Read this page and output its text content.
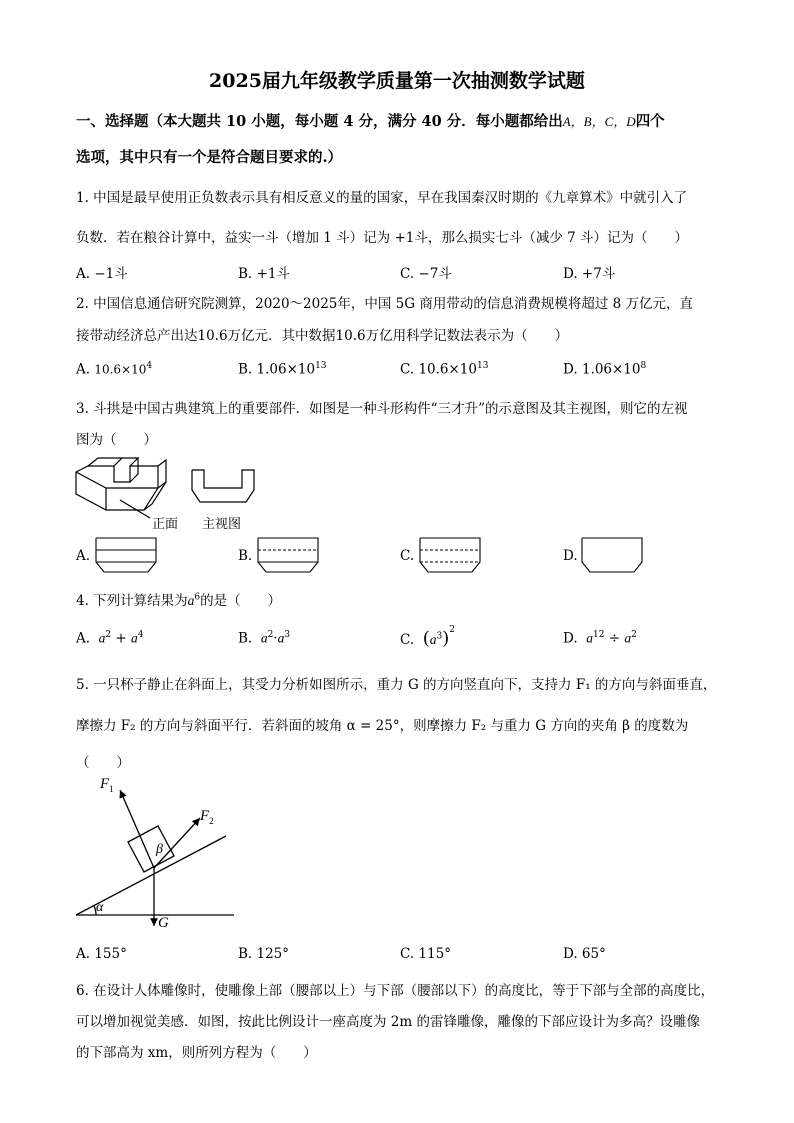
2025届九年级教学质量第一次抽测数学试题
一、选择题（本大题共 10 小题，每小题 4 分，满分 40 分．每小题都给出A，B，C，D四个
选项，其中只有一个是符合题目要求的.）
1. 中国是最早使用正负数表示具有相反意义的量的国家，早在我国秦汉时期的《九章算术》中就引入了
负数．若在粮谷计算中，益实一斗（增加 1 斗）记为 +1斗，那么损实七斗（减少 7 斗）记为（　　）
A. −1斗	B. +1斗	C. −7斗	D. +7斗
2. 中国信息通信研究院测算，2020～2025年，中国 5G 商用带动的信息消费规模将超过 8 万亿元，直
接带动经济总产出达10.6万亿元．其中数据10.6万亿用科学记数法表示为（　　）
A. $10.6\times 10^4$	B. $1.06\times 10^{13}$	C. $10.6\times 10^{13}$	D. $1.06\times 10^8$
3. 斗拱是中国古典建筑上的重要部件．如图是一种斗形构件“三才升”的示意图及其主视图，则它的左视
图为（　　）
正面 主视图
A.	B.	C.	D.
4. 下列计算结果为$a^6$的是（　　）
A. $a^2 + a^4$	B. $a^2\cdot a^3$	C. $(a^3)^2$
D. $a^{12} \div a^2$
5. 一只杯子静止在斜面上，其受力分析如图所示，重力 G 的方向竖直向下，支持力 F₁ 的方向与斜面垂直，
摩擦力 F₂ 的方向与斜面平行．若斜面的坡角 α = 25°，则摩擦力 F₂ 与重力 G 方向的夹角 β 的度数为
（　　）
$F_1$
$F_2$
β
α
G
A. 155°	B. 125°	C. 115°	D. 65°
6. 在设计人体雕像时，使雕像上部（腰部以上）与下部（腰部以下）的高度比，等于下部与全部的高度比，
可以增加视觉美感．如图，按此比例设计一座高度为 2m 的雷锋雕像，雕像的下部应设计为多高？设雕像
的下部高为 xm，则所列方程为（　　）
